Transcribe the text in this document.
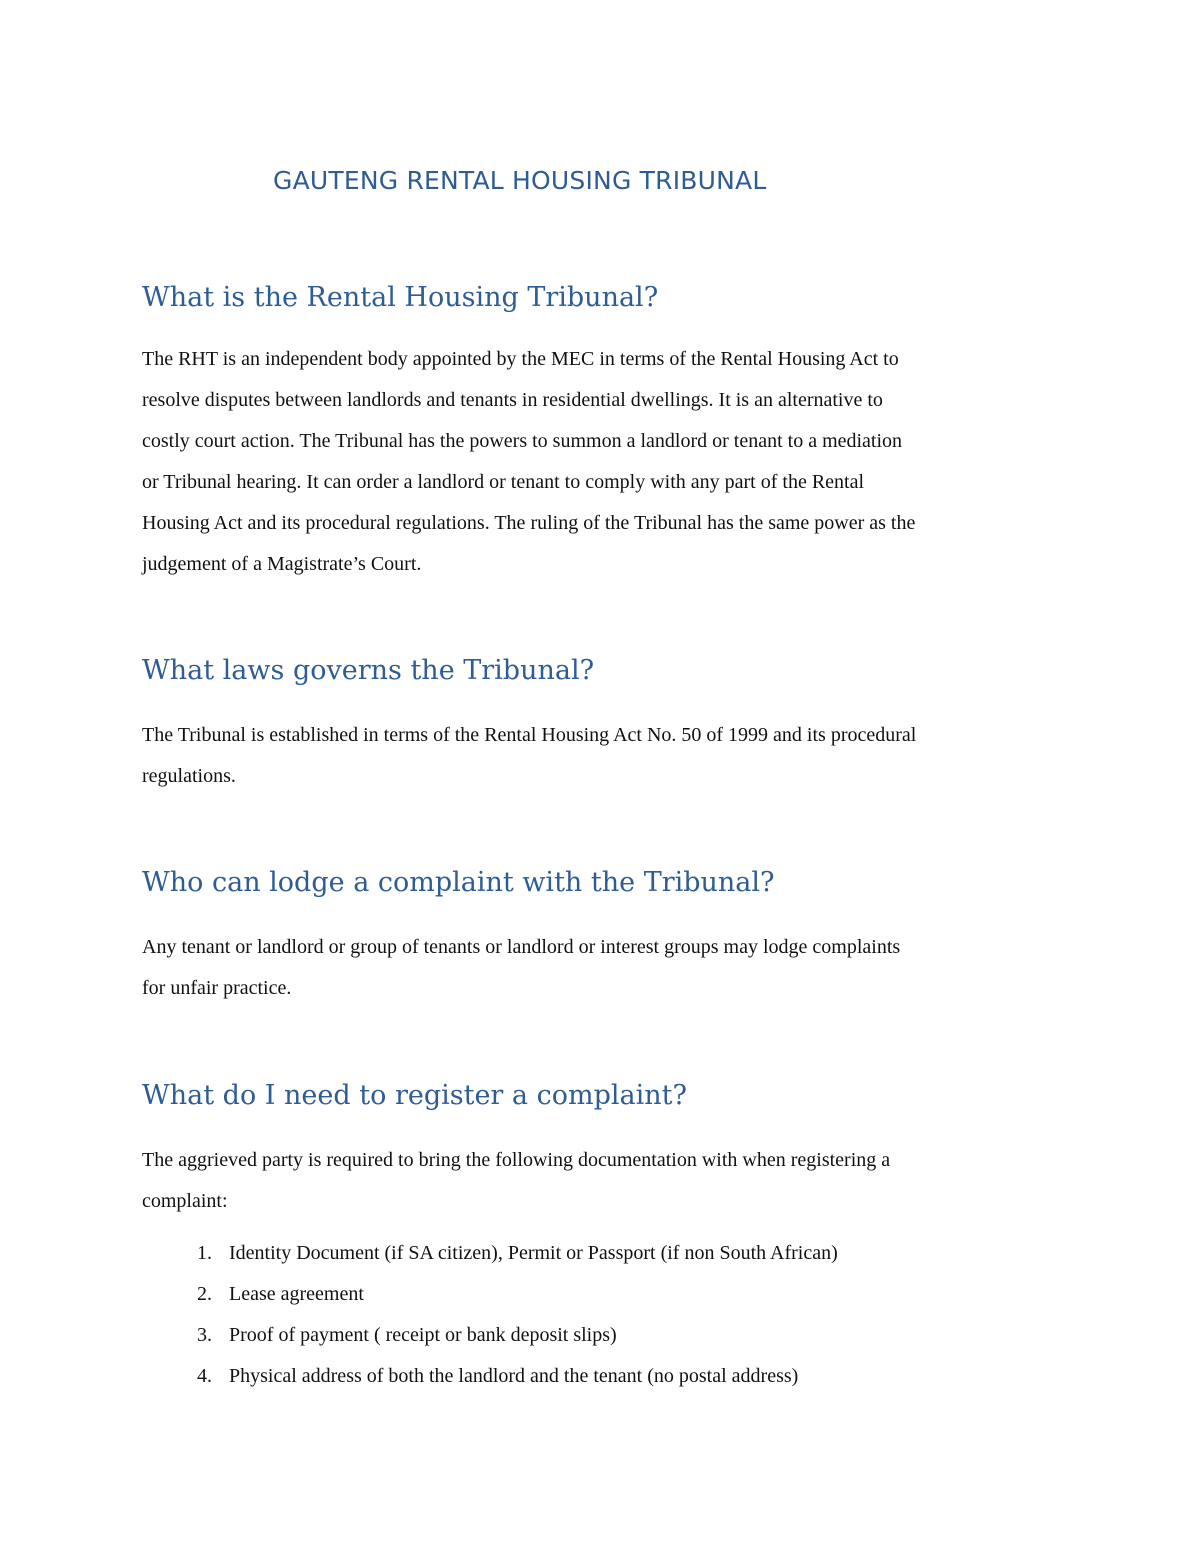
GAUTENG RENTAL HOUSING TRIBUNAL
What is the Rental Housing Tribunal?

The RHT is an independent body appointed by the MEC in terms of the Rental Housing Act to
resolve disputes between landlords and tenants in residential dwellings. It is an alternative to
costly court action. The Tribunal has the powers to summon a landlord or tenant to a mediation
or Tribunal hearing. It can order a landlord or tenant to comply with any part of the Rental
Housing Act and its procedural regulations. The ruling of the Tribunal has the same power as the
judgement of a Magistrate’s Court.

What laws governs the Tribunal?

The Tribunal is established in terms of the Rental Housing Act No. 50 of 1999 and its procedural
regulations.

Who can lodge a complaint with the Tribunal?

Any tenant or landlord or group of tenants or landlord or interest groups may lodge complaints
for unfair practice.

What do I need to register a complaint?

The aggrieved party is required to bring the following documentation with when registering a
complaint:

1. Identity Document (if SA citizen), Permit or Passport (if non South African)
2. Lease agreement
3. Proof of payment ( receipt or bank deposit slips)
4. Physical address of both the landlord and the tenant (no postal address)
